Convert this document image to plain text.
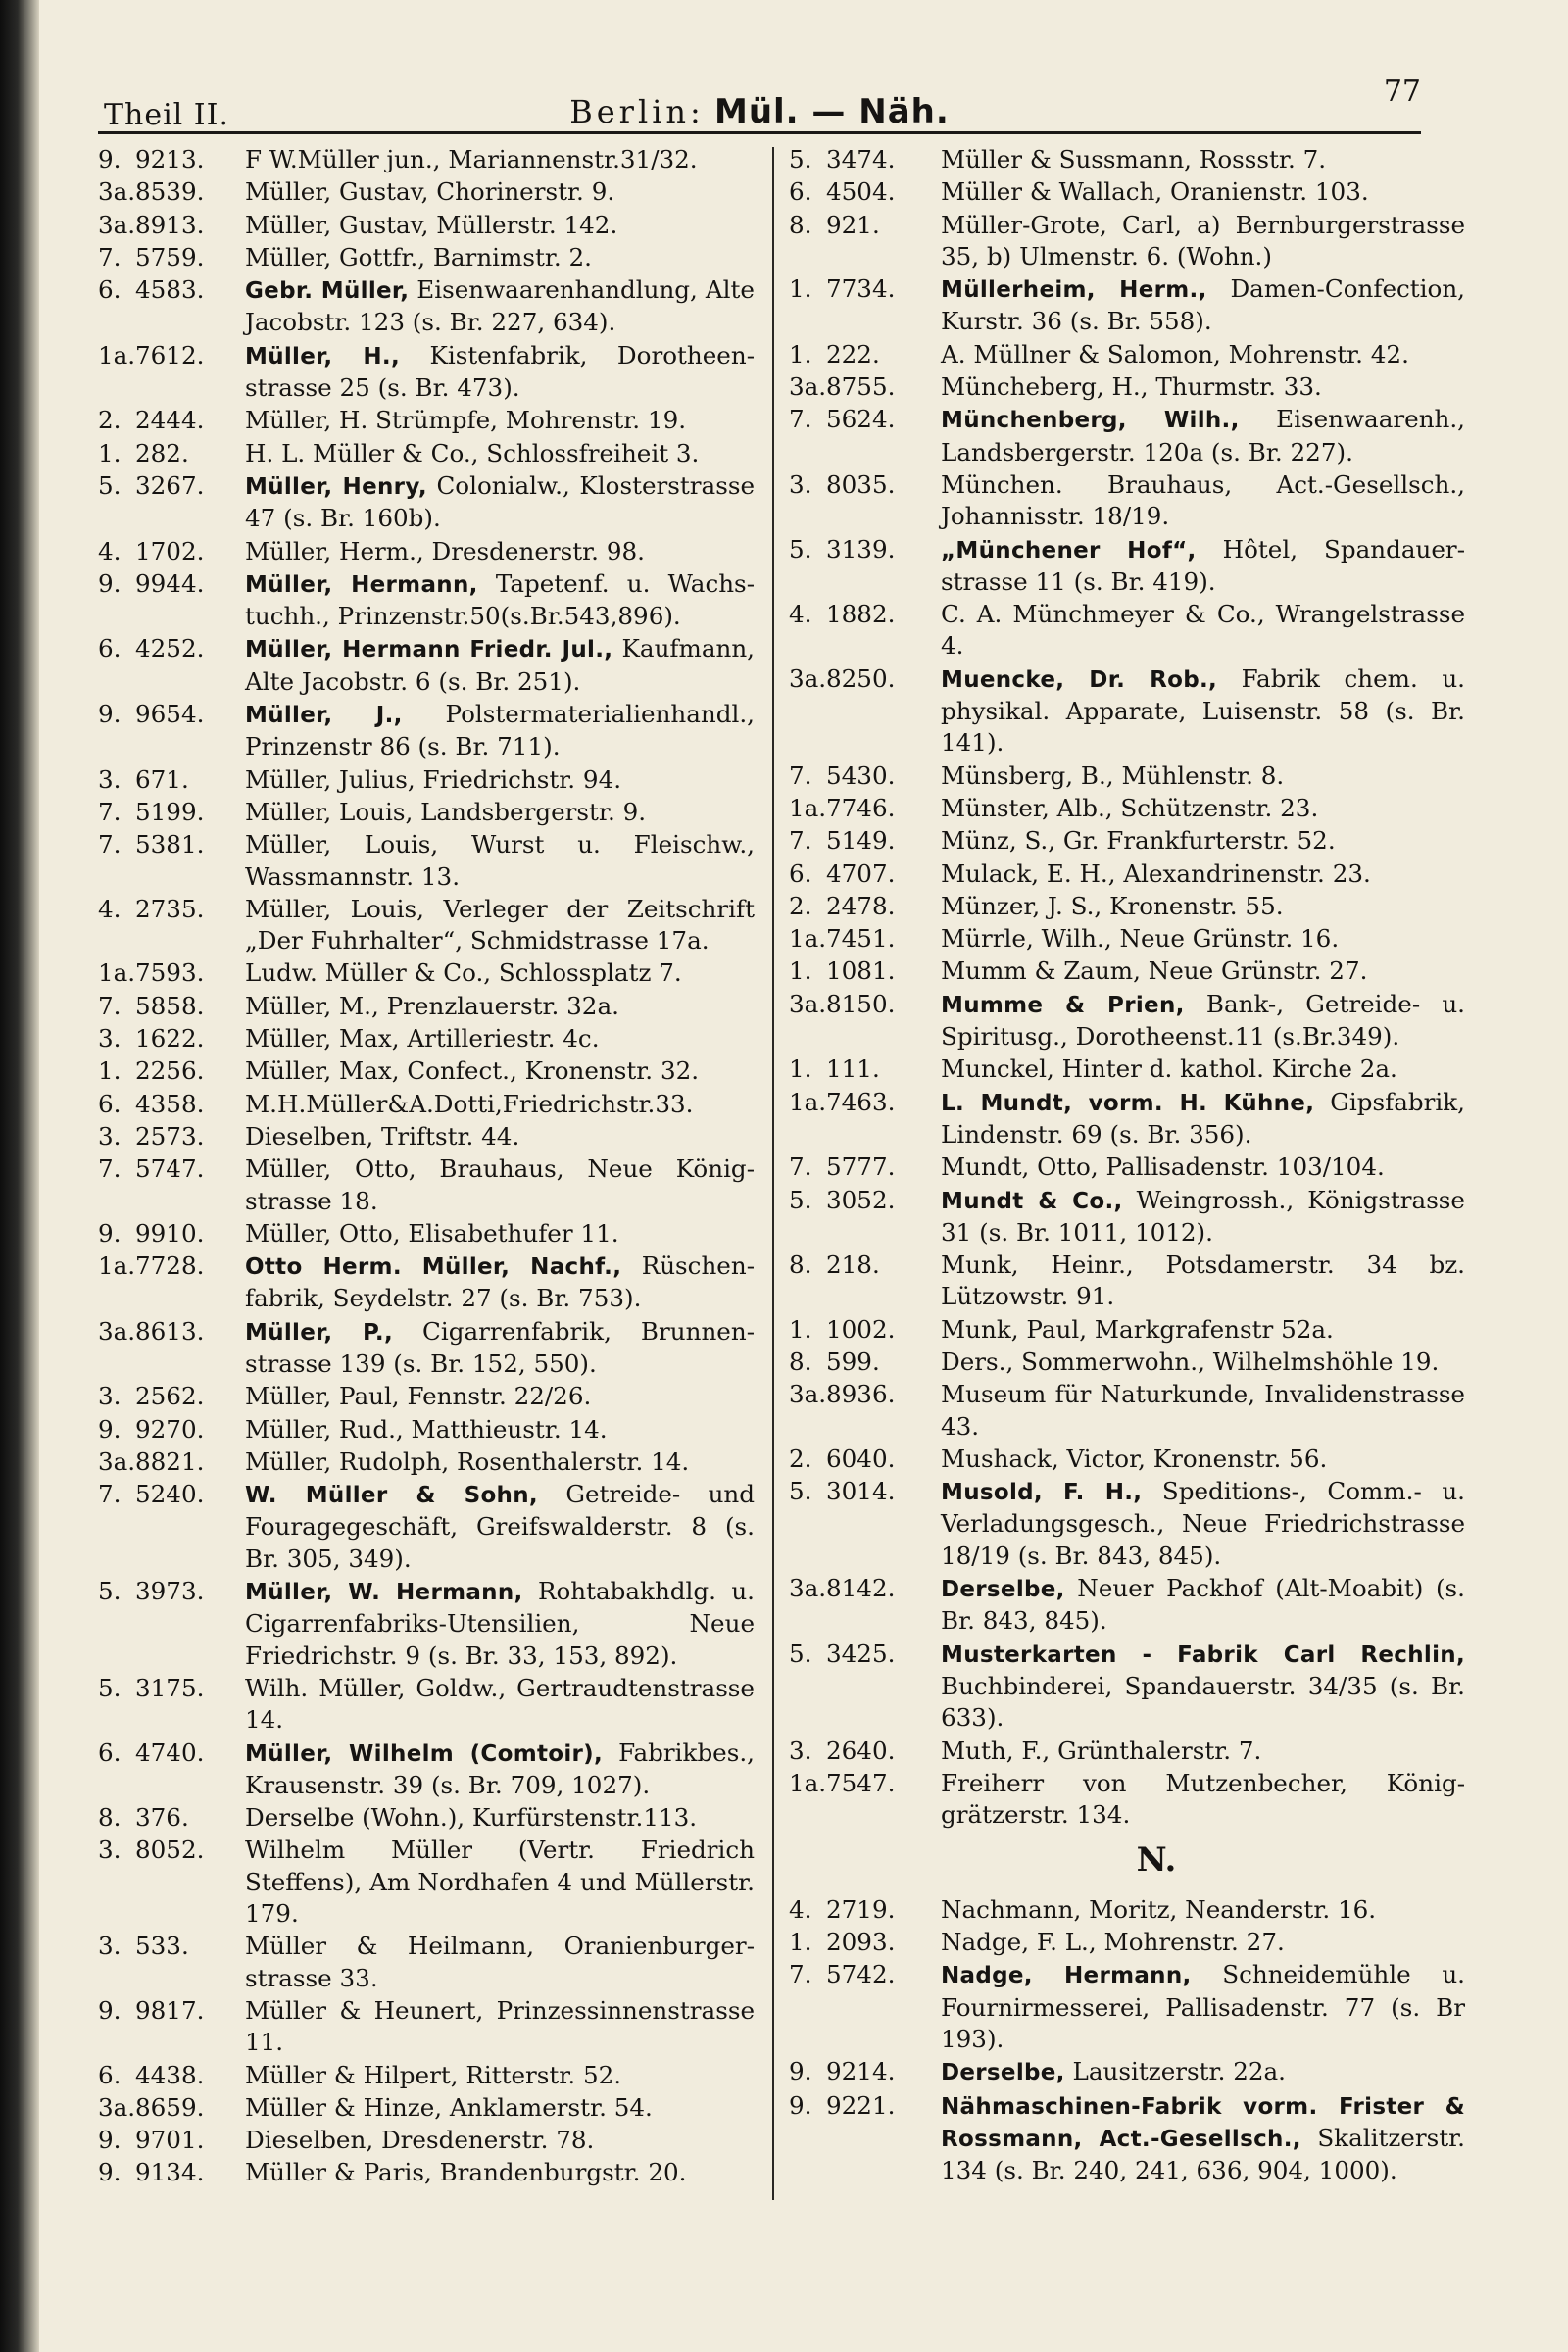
Theil II.	Berlin: Mül. — Näh.
77
9. 9213.	F W.Müller jun., Mariannenstr.31/32.
3a.8539.	Müller, Gustav, Chorinerstr. 9.
3a.8913.	Müller, Gustav, Müllerstr. 142.
7. 5759.	Müller, Gottfr., Barnimstr. 2.
6. 4583.	Gebr. Müller, Eisenwaarenhandlung, Alte Jacobstr. 123 (s. Br. 227, 634).
1a.7612.	Müller, H., Kistenfabrik, Dorotheenstrasse 25 (s. Br. 473).
2. 2444.	Müller, H. Strümpfe, Mohrenstr. 19.
1. 282.	H. L. Müller & Co., Schlossfreiheit 3.
5. 3267.	Müller, Henry, Colonialw., Klosterstrasse 47 (s. Br. 160b).
4. 1702.	Müller, Herm., Dresdenerstr. 98.
9. 9944.	Müller, Hermann, Tapetenf. u. Wachstuchh., Prinzenstr.50(s.Br.543,896).
6. 4252.	Müller, Hermann Friedr. Jul., Kaufmann, Alte Jacobstr. 6 (s. Br. 251).
9. 9654.	Müller, J., Polstermaterialienhandl., Prinzenstr 86 (s. Br. 711).
3. 671.	Müller, Julius, Friedrichstr. 94.
7. 5199.	Müller, Louis, Landsbergerstr. 9.
7. 5381.	Müller, Louis, Wurst u. Fleischw., Wassmannstr. 13.
4. 2735.	Müller, Louis, Verleger der Zeitschrift „Der Fuhrhalter“, Schmidstrasse 17a.
1a.7593.	Ludw. Müller & Co., Schlossplatz 7.
7. 5858.	Müller, M., Prenzlauerstr. 32a.
3. 1622.	Müller, Max, Artilleriestr. 4c.
1. 2256.	Müller, Max, Confect., Kronenstr. 32.
6. 4358.	M.H.Müller&A.Dotti,Friedrichstr.33.
3. 2573.	Dieselben, Triftstr. 44.
7. 5747.	Müller, Otto, Brauhaus, Neue Königstrasse 18.
9. 9910.	Müller, Otto, Elisabethufer 11.
1a.7728.	Otto Herm. Müller, Nachf., Rüschenfabrik, Seydelstr. 27 (s. Br. 753).
3a.8613.	Müller, P., Cigarrenfabrik, Brunnenstrasse 139 (s. Br. 152, 550).
3. 2562.	Müller, Paul, Fennstr. 22/26.
9. 9270.	Müller, Rud., Matthieustr. 14.
3a.8821.	Müller, Rudolph, Rosenthalerstr. 14.
7. 5240.	W. Müller & Sohn, Getreide- und Fouragegeschäft, Greifswalderstr. 8 (s. Br. 305, 349).
5. 3973.	Müller, W. Hermann, Rohtabakhdlg. u. Cigarrenfabriks-Utensilien, Neue Friedrichstr. 9 (s. Br. 33, 153, 892).
5. 3175.	Wilh. Müller, Goldw., Gertraudtenstrasse 14.
6. 4740.	Müller, Wilhelm (Comtoir), Fabrikbes., Krausenstr. 39 (s. Br. 709, 1027).
8. 376.	Derselbe (Wohn.), Kurfürstenstr.113.
3. 8052.	Wilhelm Müller (Vertr. Friedrich Steffens), Am Nordhafen 4 und Müllerstr. 179.
3. 533.	Müller & Heilmann, Oranienburgerstrasse 33.
9. 9817.	Müller & Heunert, Prinzessinnenstrasse 11.
6. 4438.	Müller & Hilpert, Ritterstr. 52.
3a.8659.	Müller & Hinze, Anklamerstr. 54.
9. 9701.	Dieselben, Dresdenerstr. 78.
9. 9134.	Müller & Paris, Brandenburgstr. 20.
5. 3474.	Müller & Sussmann, Rossstr. 7.
6. 4504.	Müller & Wallach, Oranienstr. 103.
8. 921.	Müller-Grote, Carl, a) Bernburgerstrasse 35, b) Ulmenstr. 6. (Wohn.)
1. 7734.	Müllerheim, Herm., Damen-Confection, Kurstr. 36 (s. Br. 558).
1. 222.	A. Müllner & Salomon, Mohrenstr. 42.
3a.8755.	Müncheberg, H., Thurmstr. 33.
7. 5624.	Münchenberg, Wilh., Eisenwaarenh., Landsbergerstr. 120a (s. Br. 227).
3. 8035.	München. Brauhaus, Act.-Gesellsch., Johannisstr. 18/19.
5. 3139.	„Münchener Hof“, Hôtel, Spandauerstrasse 11 (s. Br. 419).
4. 1882.	C. A. Münchmeyer & Co., Wrangelstrasse 4.
3a.8250.	Muencke, Dr. Rob., Fabrik chem. u. physikal. Apparate, Luisenstr. 58 (s. Br. 141).
7. 5430.	Münsberg, B., Mühlenstr. 8.
1a.7746.	Münster, Alb., Schützenstr. 23.
7. 5149.	Münz, S., Gr. Frankfurterstr. 52.
6. 4707.	Mulack, E. H., Alexandrinenstr. 23.
2. 2478.	Münzer, J. S., Kronenstr. 55.
1a.7451.	Mürrle, Wilh., Neue Grünstr. 16.
1. 1081.	Mumm & Zaum, Neue Grünstr. 27.
3a.8150.	Mumme & Prien, Bank-, Getreide- u. Spiritusg., Dorotheenst.11 (s.Br.349).
1. 111.	Munckel, Hinter d. kathol. Kirche 2a.
1a.7463.	L. Mundt, vorm. H. Kühne, Gipsfabrik, Lindenstr. 69 (s. Br. 356).
7. 5777.	Mundt, Otto, Pallisadenstr. 103/104.
5. 3052.	Mundt & Co., Weingrossh., Königstrasse 31 (s. Br. 1011, 1012).
8. 218.	Munk, Heinr., Potsdamerstr. 34 bz. Lützowstr. 91.
1. 1002.	Munk, Paul, Markgrafenstr 52a.
8. 599.	Ders., Sommerwohn., Wilhelmshöhle 19.
3a.8936.	Museum für Naturkunde, Invalidenstrasse 43.
2. 6040.	Mushack, Victor, Kronenstr. 56.
5. 3014.	Musold, F. H., Speditions-, Comm.- u. Verladungsgesch., Neue Friedrichstrasse 18/19 (s. Br. 843, 845).
3a.8142.	Derselbe, Neuer Packhof (Alt-Moabit) (s. Br. 843, 845).
5. 3425.	Musterkarten - Fabrik Carl Rechlin, Buchbinderei, Spandauerstr. 34/35 (s. Br. 633).
3. 2640.	Muth, F., Grünthalerstr. 7.
1a.7547.	Freiherr von Mutzenbecher, Königgrätzerstr. 134.
N.
4. 2719.	Nachmann, Moritz, Neanderstr. 16.
1. 2093.	Nadge, F. L., Mohrenstr. 27.
7. 5742.	Nadge, Hermann, Schneidemühle u. Fournirmesserei, Pallisadenstr. 77 (s. Br 193).
9. 9214.	Derselbe, Lausitzerstr. 22a.
9. 9221.	Nähmaschinen-Fabrik vorm. Frister & Rossmann, Act.-Gesellsch., Skalitzerstr. 134 (s. Br. 240, 241, 636, 904, 1000).
